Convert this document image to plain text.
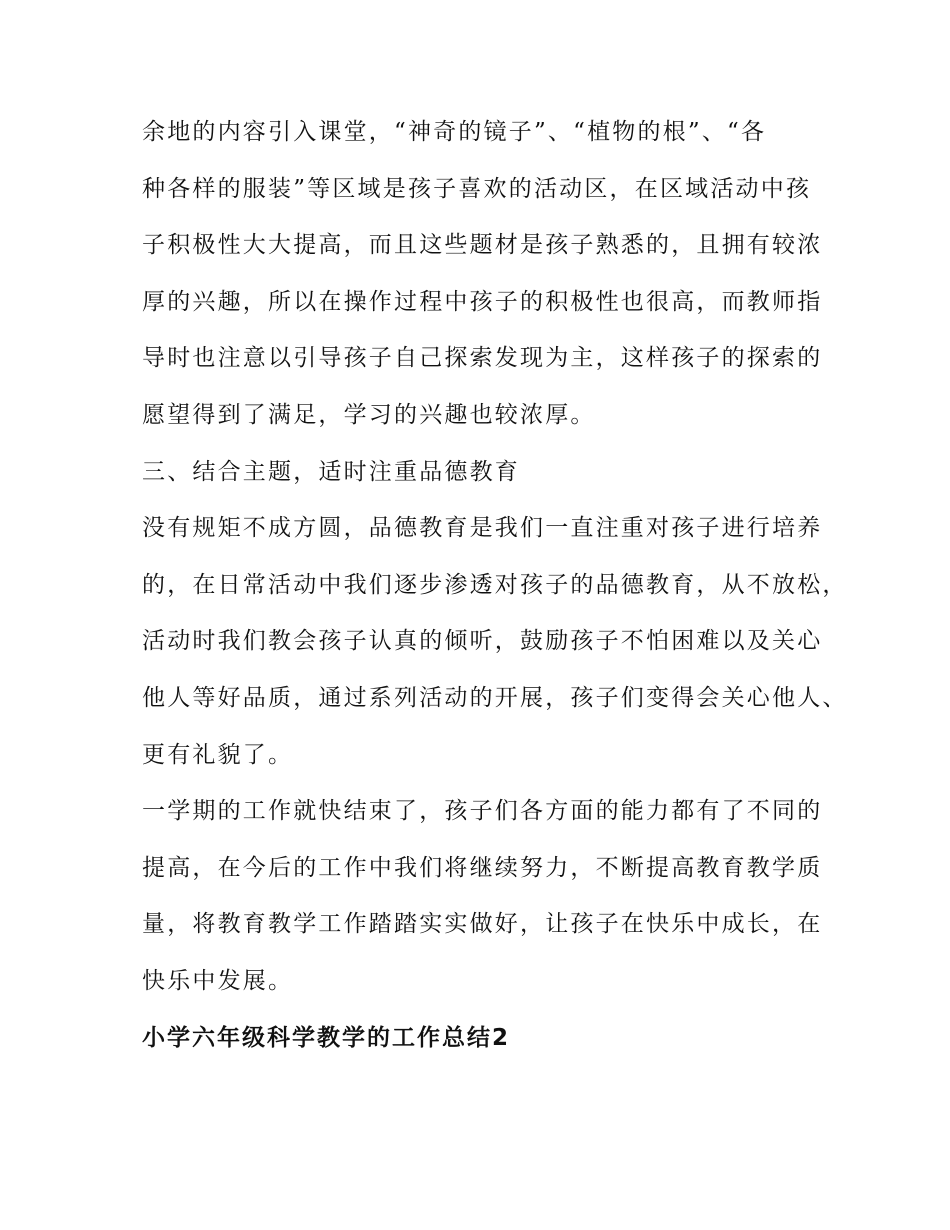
余地的内容引入课堂，“神奇的镜子”、“植物的根”、“各

种各样的服装”等区域是孩子喜欢的活动区，在区域活动中孩

子积极性大大提高，而且这些题材是孩子熟悉的，且拥有较浓

厚的兴趣，所以在操作过程中孩子的积极性也很高，而教师指

导时也注意以引导孩子自己探索发现为主，这样孩子的探索的

愿望得到了满足，学习的兴趣也较浓厚。

三、结合主题，适时注重品德教育

没有规矩不成方圆，品德教育是我们一直注重对孩子进行培养

的，在日常活动中我们逐步渗透对孩子的品德教育，从不放松，

活动时我们教会孩子认真的倾听，鼓励孩子不怕困难以及关心

他人等好品质，通过系列活动的开展，孩子们变得会关心他人、

更有礼貌了。

一学期的工作就快结束了，孩子们各方面的能力都有了不同的

提高，在今后的工作中我们将继续努力，不断提高教育教学质

量，将教育教学工作踏踏实实做好，让孩子在快乐中成长，在

快乐中发展。

小学六年级科学教学的工作总结2
